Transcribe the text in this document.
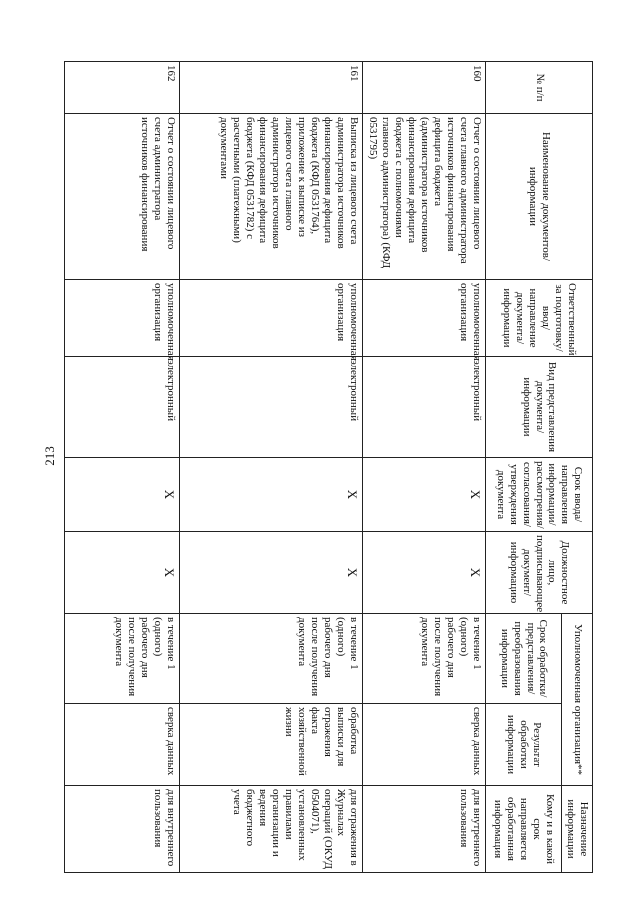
213
№ п/п	Наименование документов/информации	Ответственный за подготовку/ ввод/ направление документа/ информации	Вид представления документа/ информации	Срок ввода/ направления информации/ рассмотрения/ согласования/ утверждения документа	Должностное лицо, подписывающее документ/ информацию	Уполномоченная организация**		Назначение информации
						Срок обработки/ представления/ преобразования информации	Результат обработки информации	Кому и в какой срок направляется обработанная информация
160	Отчет о состоянии лицевого счета главного администратора источников финансирования дефицита бюджета (администратора источников финансирования дефицита бюджета с полномочиями главного администратора) (КФД 0531795)	уполномоченная организация	электронный	X	X	в течение 1 (одного) рабочего дня после получения документа	сверка данных	для внутреннего пользования
161	Выписка из лицевого счета администратора источников финансирования дефицита бюджета (КФД 0531764), приложение к выписке из лицевого счета главного администратора источников финансирования дефицита бюджета (КФД 0531782) с расчетными (платежными) документами	уполномоченная организация	электронный	X	X	в течение 1 (одного) рабочего дня после получения документа	обработка выписки для отражения факта хозяйственной жизни	для отражения в Журналах операций (ОКУД 0504071), установленных правилами организации и ведения бюджетного учета
162	Отчет о состоянии лицевого счета администратора источников финансирования	уполномоченная организация	электронный	X	X	в течение 1 (одного) рабочего дня после получения документа	сверка данных	для внутреннего пользования
